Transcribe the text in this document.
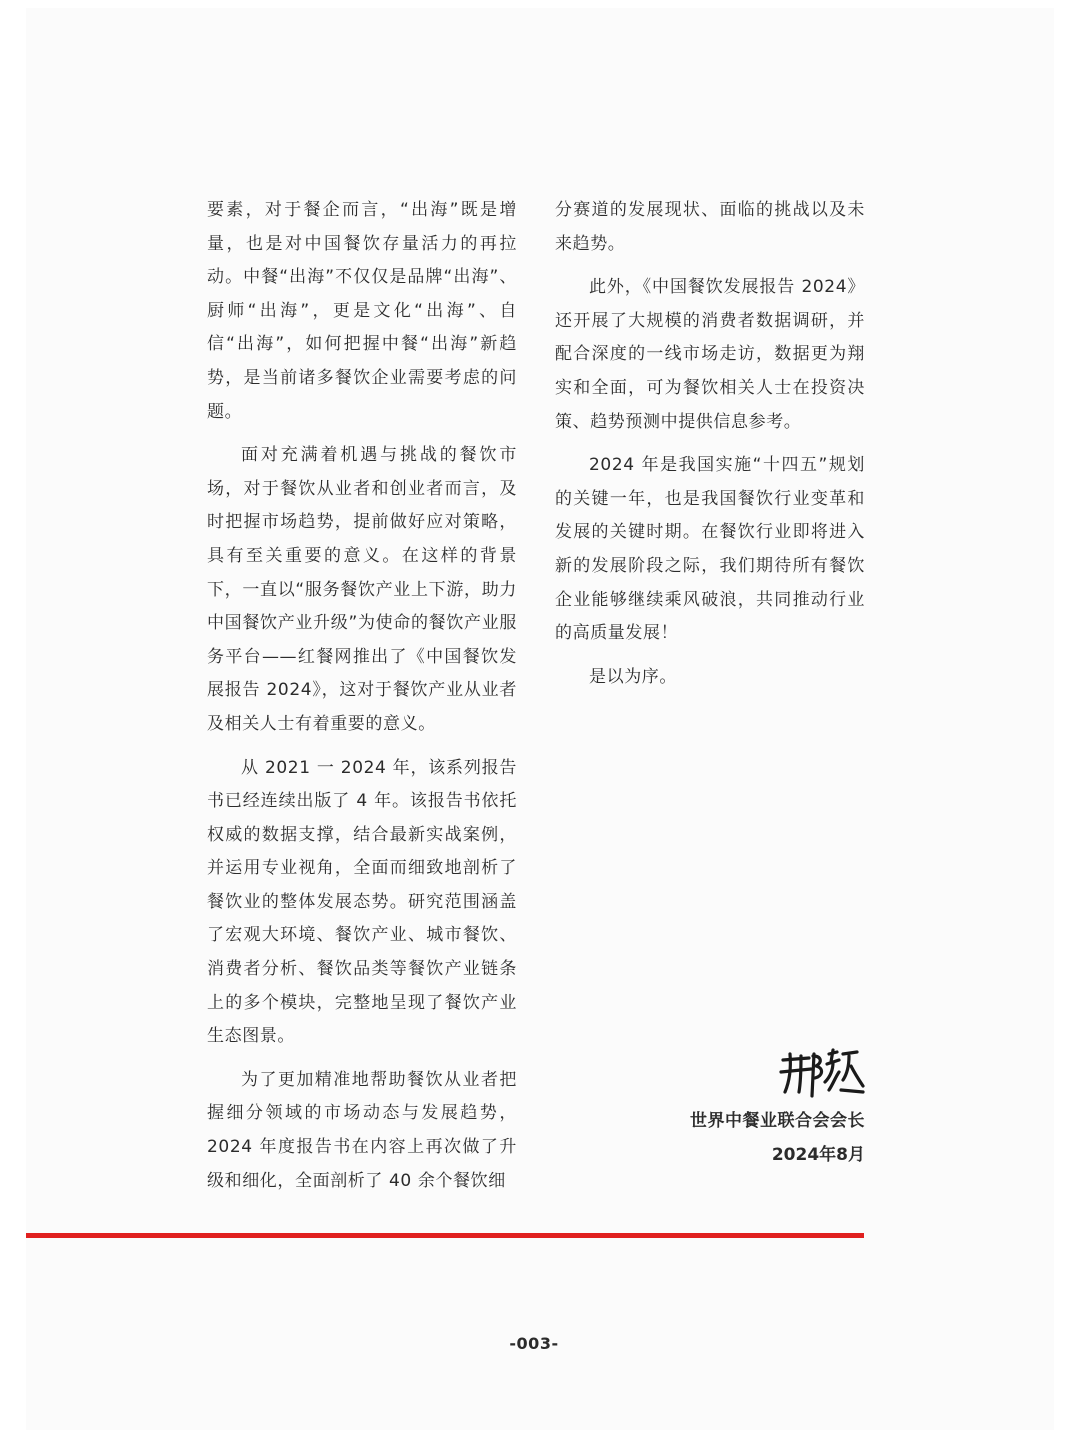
要素，对于餐企而言，“出海”既是增量，也是对中国餐饮存量活力的再拉动。中餐“出海”不仅仅是品牌“出海”、厨师“出海”，更是文化“出海”、自信“出海”，如何把握中餐“出海”新趋势，是当前诸多餐饮企业需要考虑的问题。

面对充满着机遇与挑战的餐饮市场，对于餐饮从业者和创业者而言，及时把握市场趋势，提前做好应对策略，具有至关重要的意义。在这样的背景下，一直以“服务餐饮产业上下游，助力中国餐饮产业升级”为使命的餐饮产业服务平台——红餐网推出了《中国餐饮发展报告 2024》，这对于餐饮产业从业者及相关人士有着重要的意义。

从 2021 一 2024 年，该系列报告书已经连续出版了 4 年。该报告书依托权威的数据支撑，结合最新实战案例，并运用专业视角，全面而细致地剖析了餐饮业的整体发展态势。研究范围涵盖了宏观大环境、餐饮产业、城市餐饮、消费者分析、餐饮品类等餐饮产业链条上的多个模块，完整地呈现了餐饮产业生态图景。

为了更加精准地帮助餐饮从业者把握细分领域的市场动态与发展趋势，2024 年度报告书在内容上再次做了升级和细化，全面剖析了 40 余个餐饮细

分赛道的发展现状、面临的挑战以及未来趋势。

此外，《中国餐饮发展报告 2024》还开展了大规模的消费者数据调研，并配合深度的一线市场走访，数据更为翔实和全面，可为餐饮相关人士在投资决策、趋势预测中提供信息参考。

2024 年是我国实施“十四五”规划的关键一年，也是我国餐饮行业变革和发展的关键时期。在餐饮行业即将进入新的发展阶段之际，我们期待所有餐饮企业能够继续乘风破浪，共同推动行业的高质量发展！

是以为序。

世界中餐业联合会会长
2024年8月
-003-
